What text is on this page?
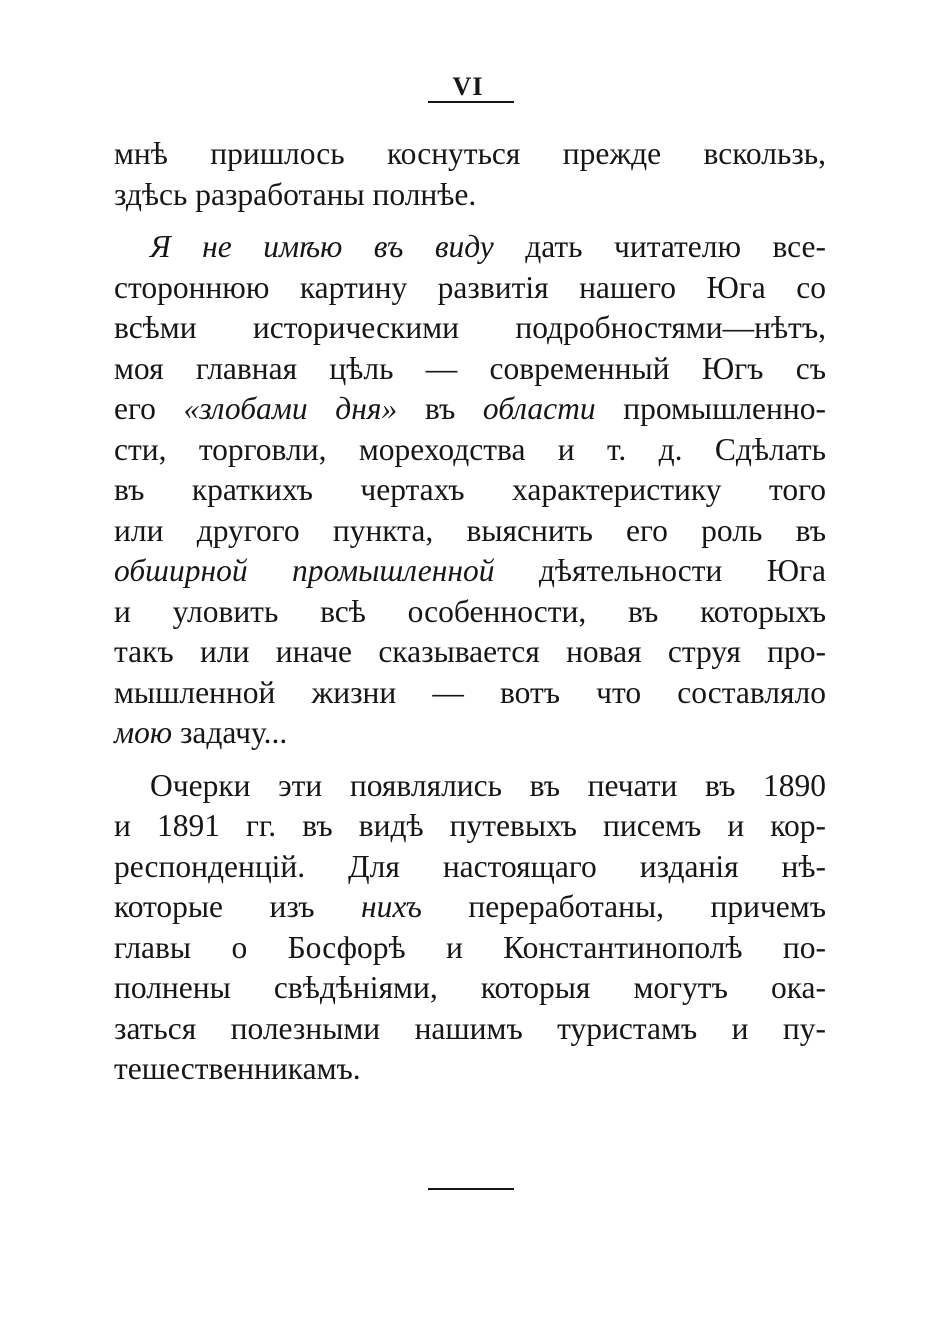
VI
мнѣ пришлось коснуться прежде вскользь,
здѣсь разработаны полнѣе.
Я не имѣю въ виду дать читателю все-
стороннюю картину развитія нашего Юга со
всѣми историческими подробностями—нѣтъ,
моя главная цѣль — современный Югъ съ
его «злобами дня» въ области промышленно-
сти, торговли, мореходства и т. д. Сдѣлать
въ краткихъ чертахъ характеристику того
или другого пункта, выяснить его роль въ
обширной промышленной дѣятельности Юга
и уловить всѣ особенности, въ которыхъ
такъ или иначе сказывается новая струя про-
мышленной жизни — вотъ что составляло
мою задачу...
Очерки эти появлялись въ печати въ 1890
и 1891 гг. въ видѣ путевыхъ писемъ и кор-
респонденцій. Для настоящаго изданія нѣ-
которые изъ нихъ переработаны, причемъ
главы о Босфорѣ и Константинополѣ по-
полнены свѣдѣніями, которыя могутъ ока-
заться полезными нашимъ туристамъ и пу-
тешественникамъ.
